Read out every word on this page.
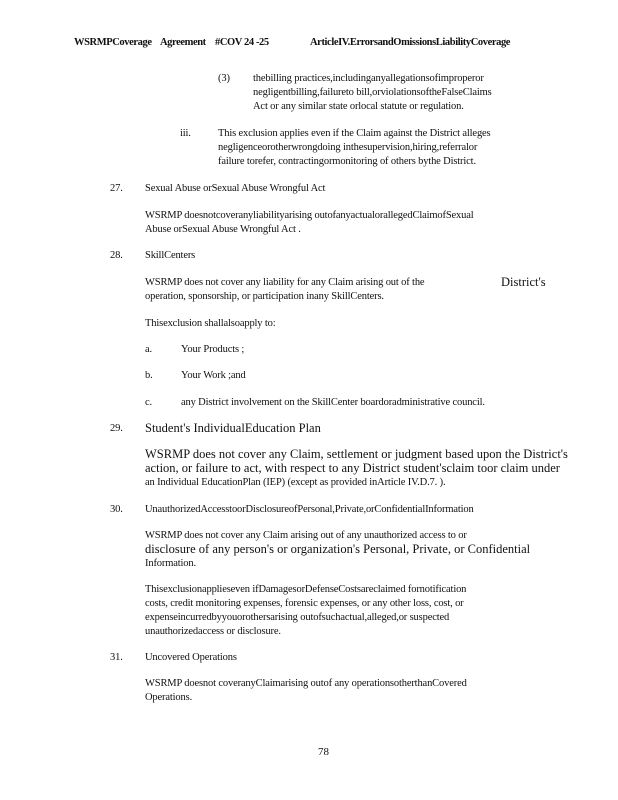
WSRMPCoverage Agreement #COV 24 -25	ArticleIV.ErrorsandOmissionsLiabilityCoverage
(3) thebilling practices,includinganyallegationsofimproperor
negligentbilling,failureto bill,orviolationsoftheFalseClaims
Act or any similar state orlocal statute or regulation.
iii.	This exclusion applies even if the Claim against the District alleges
negligenceorotherwrongdoing inthesupervision,hiring,referralor
failure torefer, contractingormonitoring of others bythe District.
27. Sexual Abuse orSexual Abuse Wrongful Act
WSRMP doesnotcoveranyliabilityarising outofanyactualorallegedClaimofSexual
Abuse orSexual Abuse Wrongful Act .
28. SkillCenters
WSRMP does not cover any liability for any Claim arising out of the	District's
operation, sponsorship, or participation inany SkillCenters.
Thisexclusion shallalsoapply to:
a.	Your Products ;
b.	Your Work ;and
c.	any District involvement on the SkillCenter boardoradministrative council.
29. Student's IndividualEducation Plan
WSRMP does not cover any Claim, settlement or judgment based upon the District's
action, or failure to act, with respect to any District student'sclaim toor claim under
an Individual EducationPlan (IEP) (except as provided inArticle IV.D.7. ).
30. UnauthorizedAccesstoorDisclosureofPersonal,Private,orConfidentialInformation
WSRMP does not cover any Claim arising out of any unauthorized access to or
disclosure of any person's or organization's Personal, Private, or Confidential
Information.
Thisexclusionapplieseven ifDamagesorDefenseCostsareclaimed fornotification
costs, credit monitoring expenses, forensic expenses, or any other loss, cost, or
expenseincurredbyyouorothersarising outofsuchactual,alleged,or suspected
unauthorizedaccess or disclosure.
31. Uncovered Operations
WSRMP doesnot coveranyClaimarising outof any operationsotherthanCovered
Operations.
78
